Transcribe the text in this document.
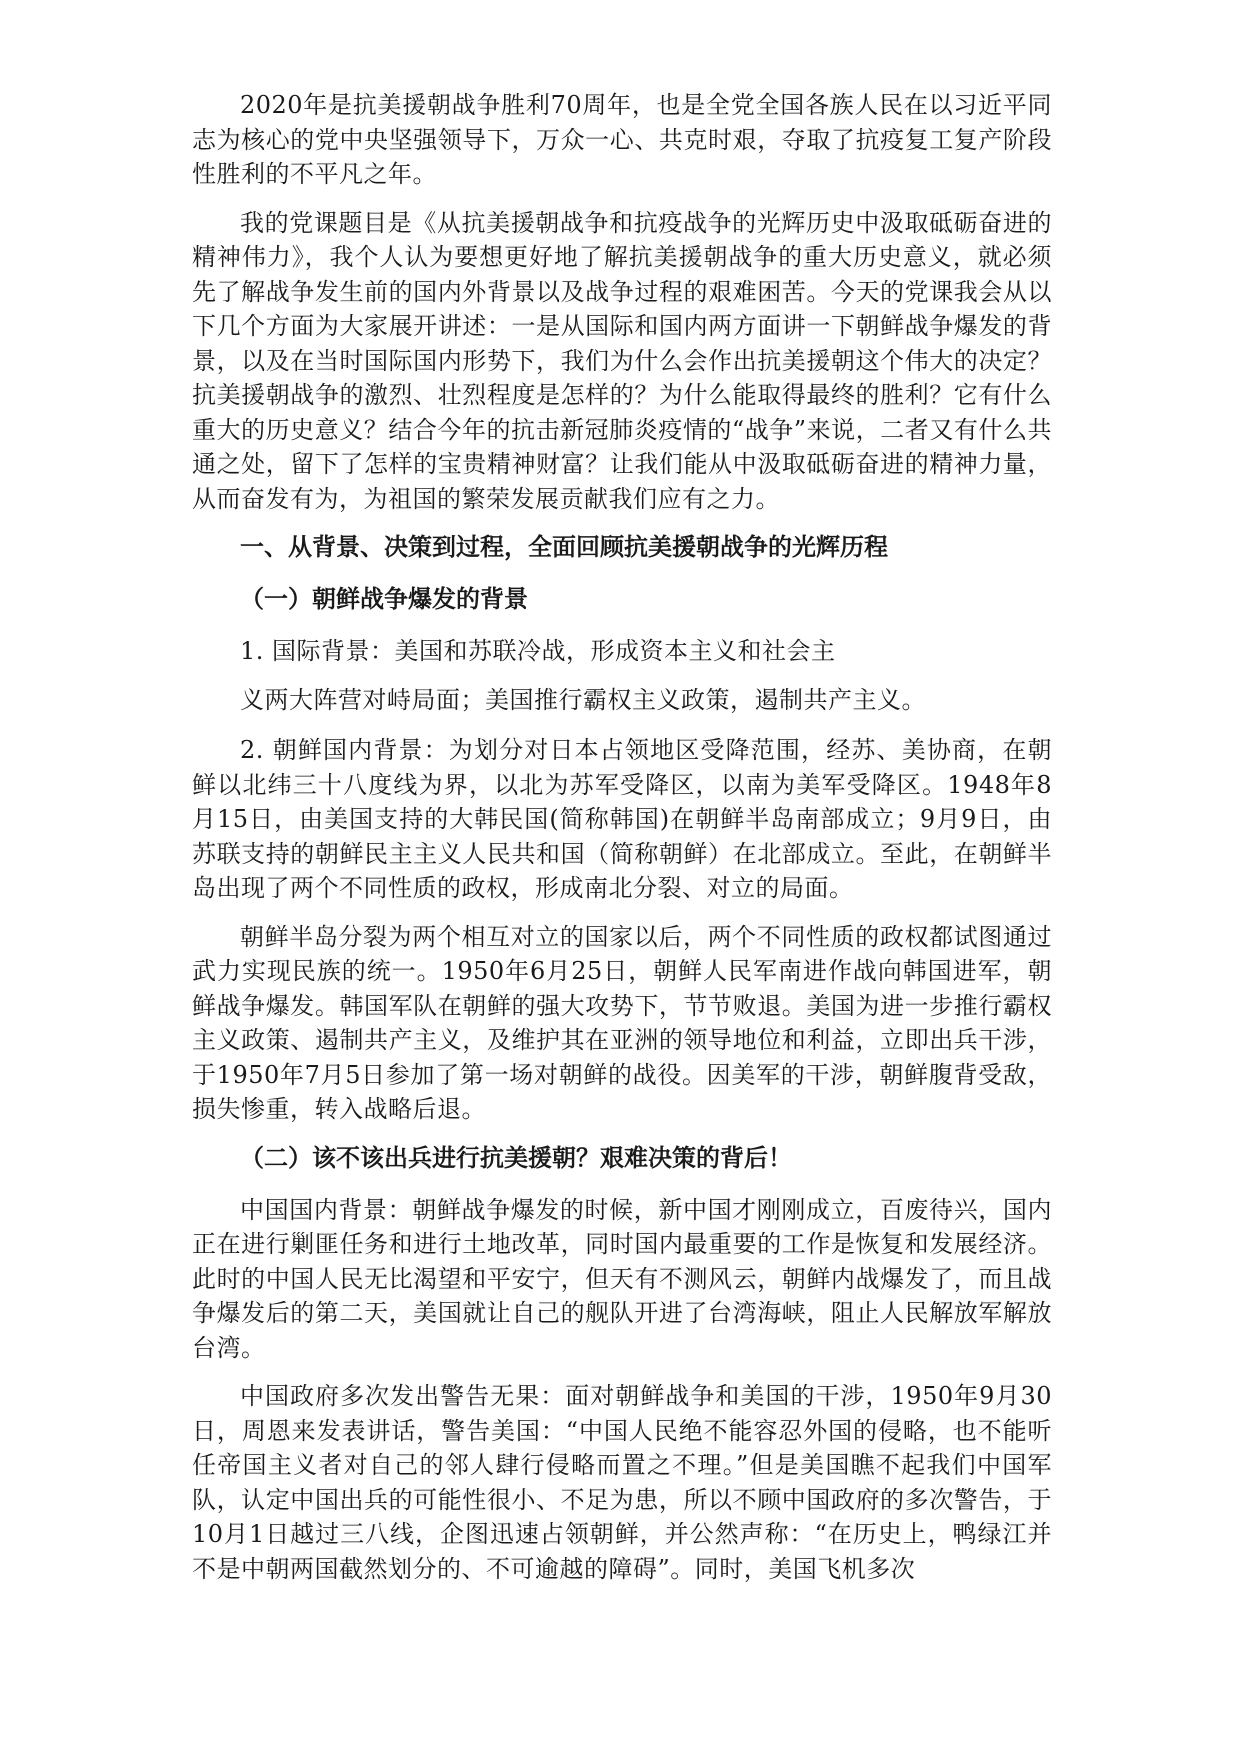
2020年是抗美援朝战争胜利70周年，也是全党全国各族人民在以习近平同志为核心的党中央坚强领导下，万众一心、共克时艰，夺取了抗疫复工复产阶段性胜利的不平凡之年。

我的党课题目是《从抗美援朝战争和抗疫战争的光辉历史中汲取砥砺奋进的精神伟力》，我个人认为要想更好地了解抗美援朝战争的重大历史意义，就必须先了解战争发生前的国内外背景以及战争过程的艰难困苦。今天的党课我会从以下几个方面为大家展开讲述：一是从国际和国内两方面讲一下朝鲜战争爆发的背景，以及在当时国际国内形势下，我们为什么会作出抗美援朝这个伟大的决定？抗美援朝战争的激烈、壮烈程度是怎样的？为什么能取得最终的胜利？它有什么重大的历史意义？结合今年的抗击新冠肺炎疫情的“战争”来说，二者又有什么共通之处，留下了怎样的宝贵精神财富？让我们能从中汲取砥砺奋进的精神力量，从而奋发有为，为祖国的繁荣发展贡献我们应有之力。

一、从背景、决策到过程，全面回顾抗美援朝战争的光辉历程
（一）朝鲜战争爆发的背景
1. 国际背景：美国和苏联冷战，形成资本主义和社会主
义两大阵营对峙局面；美国推行霸权主义政策，遏制共产主义。

2. 朝鲜国内背景：为划分对日本占领地区受降范围，经苏、美协商，在朝鲜以北纬三十八度线为界，以北为苏军受降区，以南为美军受降区。1948年8月15日，由美国支持的大韩民国(简称韩国)在朝鲜半岛南部成立；9月9日，由苏联支持的朝鲜民主主义人民共和国（简称朝鲜）在北部成立。至此，在朝鲜半岛出现了两个不同性质的政权，形成南北分裂、对立的局面。

朝鲜半岛分裂为两个相互对立的国家以后，两个不同性质的政权都试图通过武力实现民族的统一。1950年6月25日，朝鲜人民军南进作战向韩国进军，朝鲜战争爆发。韩国军队在朝鲜的强大攻势下，节节败退。美国为进一步推行霸权主义政策、遏制共产主义，及维护其在亚洲的领导地位和利益，立即出兵干涉，于1950年7月5日参加了第一场对朝鲜的战役。因美军的干涉，朝鲜腹背受敌，损失惨重，转入战略后退。

（二）该不该出兵进行抗美援朝？艰难决策的背后！

中国国内背景：朝鲜战争爆发的时候，新中国才刚刚成立，百废待兴，国内正在进行剿匪任务和进行土地改革，同时国内最重要的工作是恢复和发展经济。此时的中国人民无比渴望和平安宁，但天有不测风云，朝鲜内战爆发了，而且战争爆发后的第二天，美国就让自己的舰队开进了台湾海峡，阻止人民解放军解放台湾。

中国政府多次发出警告无果：面对朝鲜战争和美国的干涉，1950年9月30日，周恩来发表讲话，警告美国：“中国人民绝不能容忍外国的侵略，也不能听任帝国主义者对自己的邻人肆行侵略而置之不理。”但是美国瞧不起我们中国军队，认定中国出兵的可能性很小、不足为患，所以不顾中国政府的多次警告，于10月1日越过三八线，企图迅速占领朝鲜，并公然声称：“在历史上，鸭绿江并不是中朝两国截然划分的、不可逾越的障碍”。同时，美国飞机多次
